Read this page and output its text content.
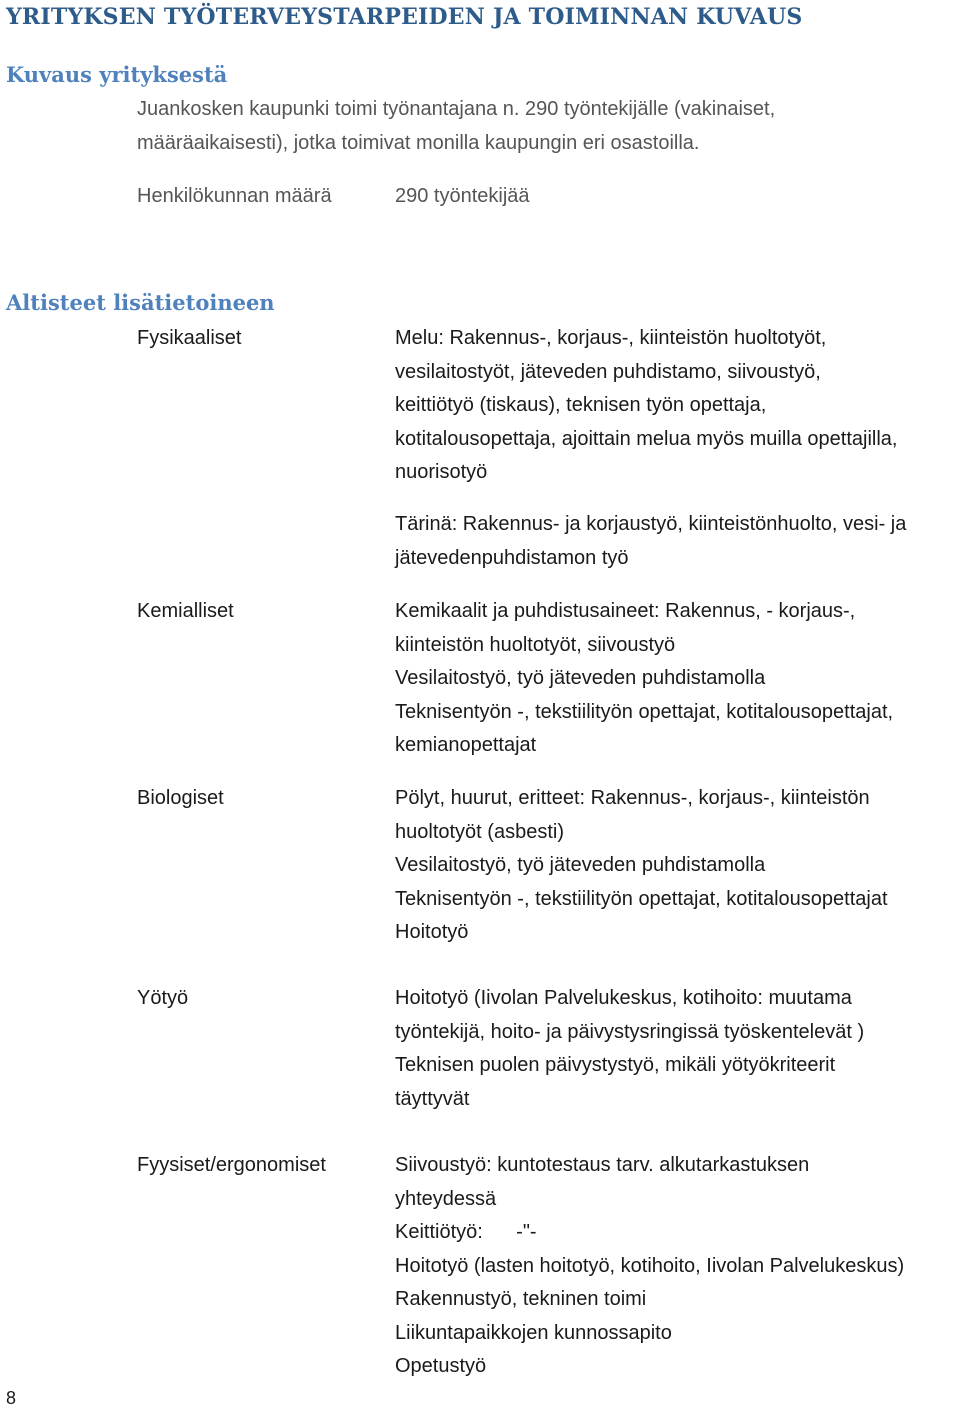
YRITYKSEN TYÖTERVEYSTARPEIDEN JA TOIMINNAN KUVAUS
Kuvaus yrityksestä
Juankosken kaupunki toimi työnantajana n. 290 työntekijälle (vakinaiset,
määräaikaisesti), jotka toimivat monilla kaupungin eri osastoilla.
Henkilökunnan määrä	290 työntekijää
Altisteet lisätietoineen
Fysikaaliset	Melu: Rakennus-, korjaus-, kiinteistön huoltotyöt,
vesilaitostyöt, jäteveden puhdistamo, siivoustyö,
keittiötyö (tiskaus), teknisen työn opettaja,
kotitalousopettaja, ajoittain melua myös muilla opettajilla,
nuorisotyö
Tärinä: Rakennus- ja korjaustyö, kiinteistönhuolto, vesi- ja
jätevedenpuhdistamon työ
Kemialliset	Kemikaalit ja puhdistusaineet: Rakennus, - korjaus-,
kiinteistön huoltotyöt, siivoustyö
Vesilaitostyö, työ jäteveden puhdistamolla
Teknisentyön -, tekstiilityön opettajat, kotitalousopettajat,
kemianopettajat
Biologiset	Pölyt, huurut, eritteet: Rakennus-, korjaus-, kiinteistön
huoltotyöt (asbesti)
Vesilaitostyö, työ jäteveden puhdistamolla
Teknisentyön -, tekstiilityön opettajat, kotitalousopettajat
Hoitotyö
Yötyö	Hoitotyö (Iivolan Palvelukeskus, kotihoito: muutama
työntekijä, hoito- ja päivystysringissä työskentelevät )
Teknisen puolen päivystystyö, mikäli yötyökriteerit
täyttyvät
Fyysiset/ergonomiset	Siivoustyö: kuntotestaus tarv. alkutarkastuksen
yhteydessä
Keittiötyö:      -"-
Hoitotyö (lasten hoitotyö, kotihoito, Iivolan Palvelukeskus)
Rakennustyö, tekninen toimi
Liikuntapaikkojen kunnossapito
Opetustyö
8
